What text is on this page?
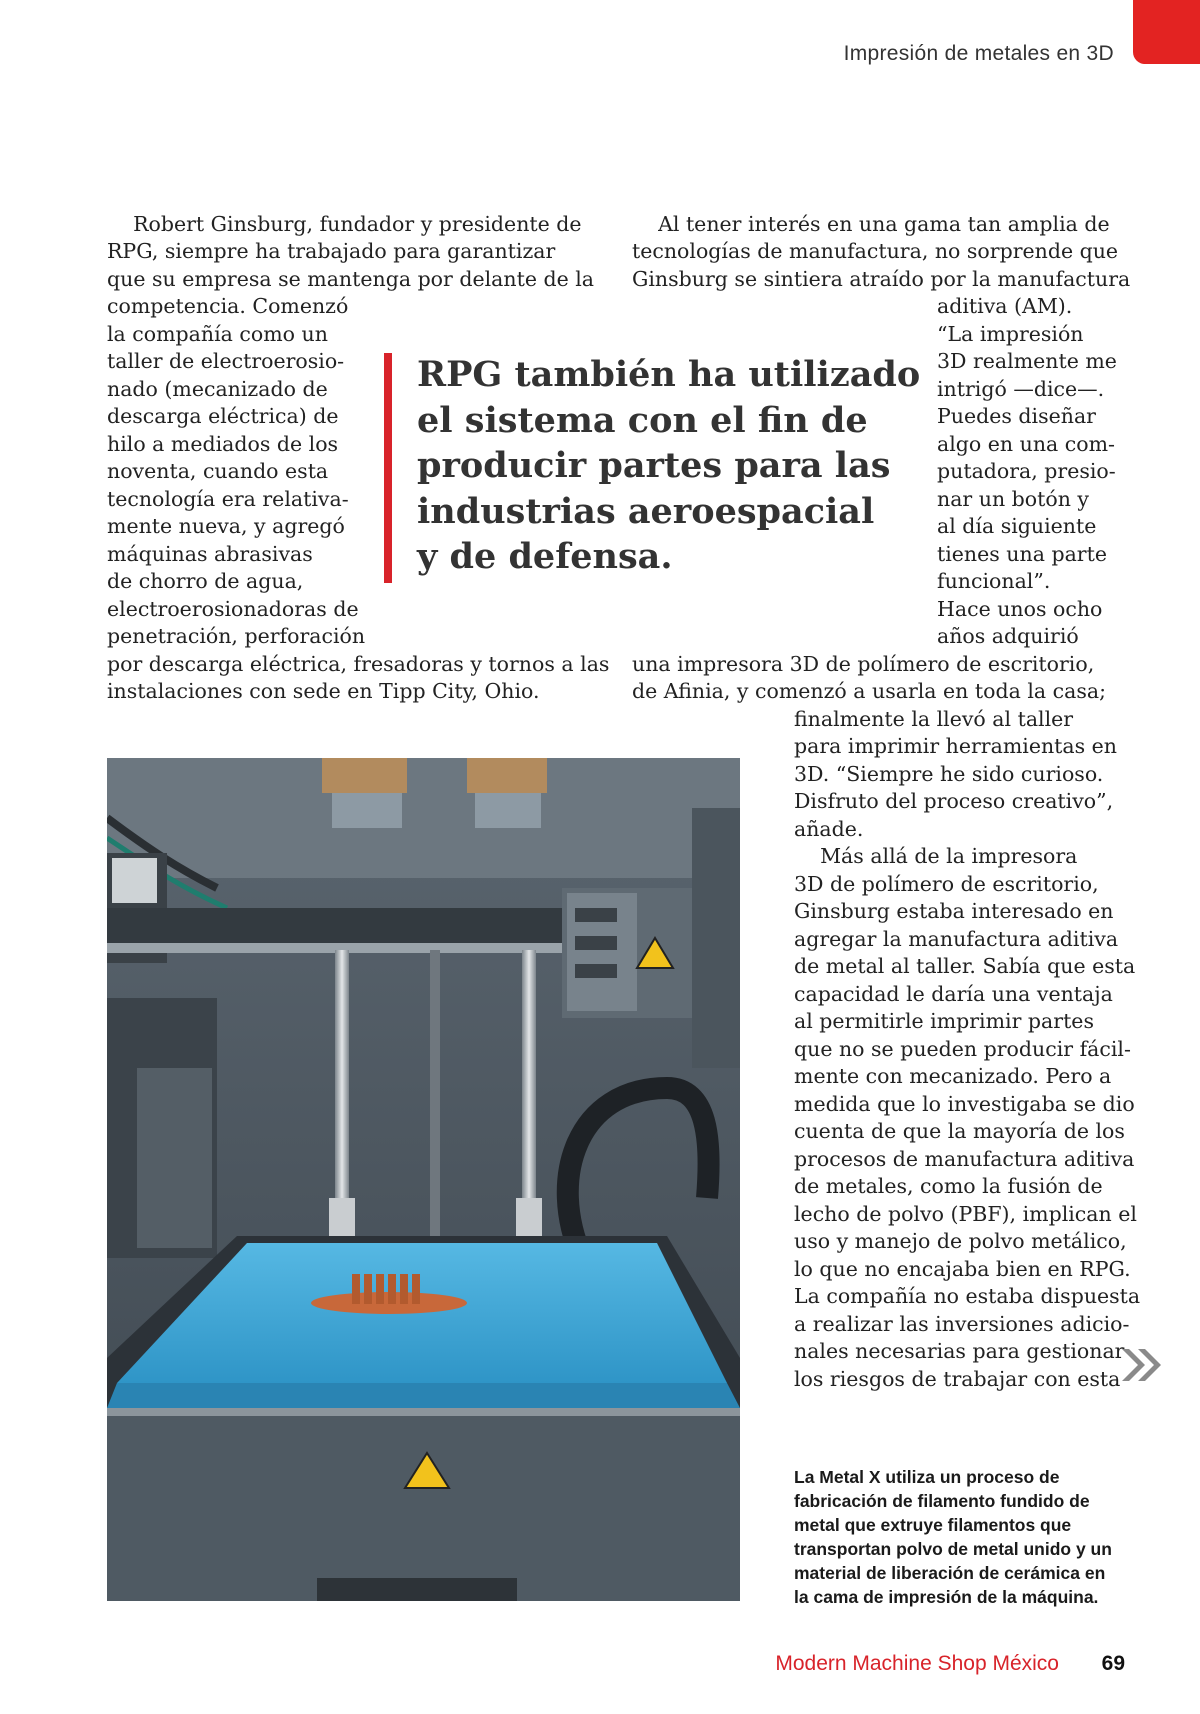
Impresión de metales en 3D
Robert Ginsburg, fundador y presidente de
RPG, siempre ha trabajado para garantizar
que su empresa se mantenga por delante de la
competencia. Comenzó
la compañía como un
taller de electroerosio-
nado (mecanizado de
descarga eléctrica) de
hilo a mediados de los
noventa, cuando esta
tecnología era relativa-
mente nueva, y agregó
máquinas abrasivas
de chorro de agua,
electroerosionadoras de
penetración, perforación
por descarga eléctrica, fresadoras y tornos a las
instalaciones con sede en Tipp City, Ohio.
RPG también ha utilizado
el sistema con el fin de
producir partes para las
industrias aeroespacial
y de defensa.
Al tener interés en una gama tan amplia de
tecnologías de manufactura, no sorprende que
Ginsburg se sintiera atraído por la manufactura
aditiva (AM).
“La impresión
3D realmente me
intrigó —dice—.
Puedes diseñar
algo en una com-
putadora, presio-
nar un botón y
al día siguiente
tienes una parte
funcional”.
Hace unos ocho
años adquirió
una impresora 3D de polímero de escritorio,
de Afinia, y comenzó a usarla en toda la casa;
finalmente la llevó al taller
para imprimir herramientas en
3D. “Siempre he sido curioso.
Disfruto del proceso creativo”,
añade.
Más allá de la impresora
3D de polímero de escritorio,
Ginsburg estaba interesado en
agregar la manufactura aditiva
de metal al taller. Sabía que esta
capacidad le daría una ventaja
al permitirle imprimir partes
que no se pueden producir fácil-
mente con mecanizado. Pero a
medida que lo investigaba se dio
cuenta de que la mayoría de los
procesos de manufactura aditiva
de metales, como la fusión de
lecho de polvo (PBF), implican el
uso y manejo de polvo metálico,
lo que no encajaba bien en RPG.
La compañía no estaba dispuesta
a realizar las inversiones adicio-
nales necesarias para gestionar
los riesgos de trabajar con esta
La Metal X utiliza un proceso de
fabricación de filamento fundido de
metal que extruye filamentos que
transportan polvo de metal unido y un
material de liberación de cerámica en
la cama de impresión de la máquina.
Modern Machine Shop México 69
